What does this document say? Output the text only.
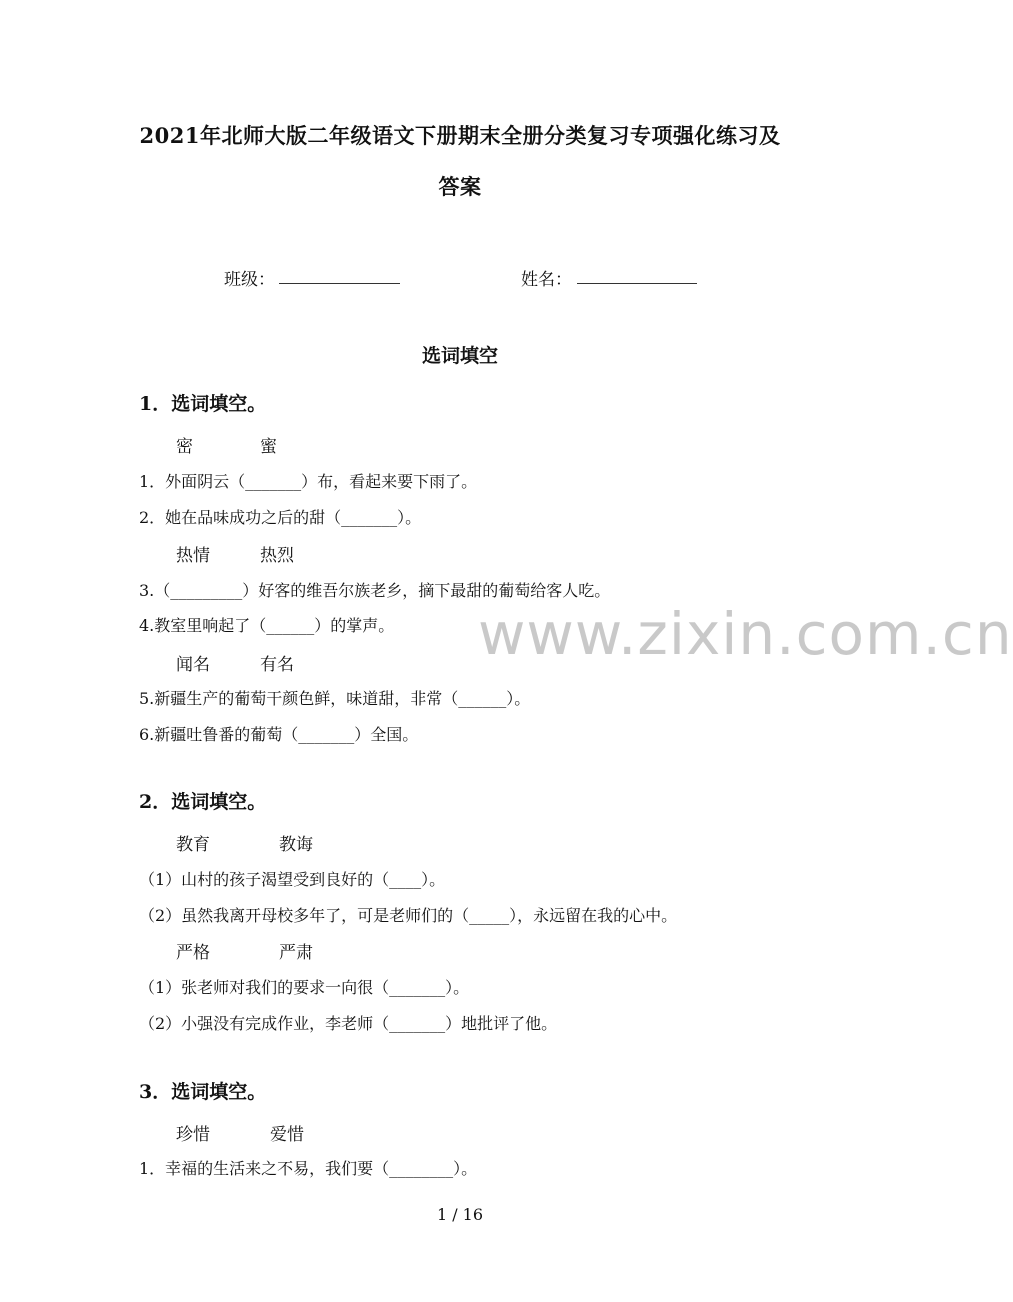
2021年北师大版二年级语文下册期末全册分类复习专项强化练习及
答案
班级：	姓名：
选词填空
1．选词填空。
密	蜜
1．外面阴云（_______）布，看起来要下雨了。
2．她在品味成功之后的甜（_______）。
热情	热烈
3.（_________）好客的维吾尔族老乡，摘下最甜的葡萄给客人吃。
4.教室里响起了（______）的掌声。
闻名	有名
5.新疆生产的葡萄干颜色鲜，味道甜，非常（______）。
6.新疆吐鲁番的葡萄（_______）全国。
2．选词填空。
教育	教诲
（1）山村的孩子渴望受到良好的（____）。
（2）虽然我离开母校多年了，可是老师们的（_____），永远留在我的心中。
严格	严肃
（1）张老师对我们的要求一向很（_______）。
（2）小强没有完成作业，李老师（_______）地批评了他。
3．选词填空。
珍惜	爱惜
1．幸福的生活来之不易，我们要（________）。
www.zixin.com.cn
1 / 16
